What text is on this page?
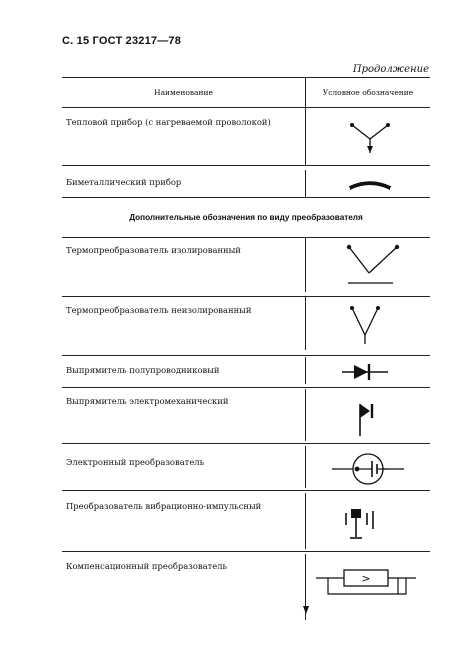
С. 15 ГОСТ 23217—78
Продолжение
Наименование	Условное обозначение
Тепловой прибор (с нагреваемой проволокой)
Биметаллический прибор
Дополнительные обозначения по виду преобразователя
Термопреобразователь изолированный
Термопреобразователь неизолированный
Выпрямитель полупроводниковый
Выпрямитель электромеханический
Электронный преобразователь
Преобразователь вибрационно-импульсный
Компенсационный преобразователь
>
